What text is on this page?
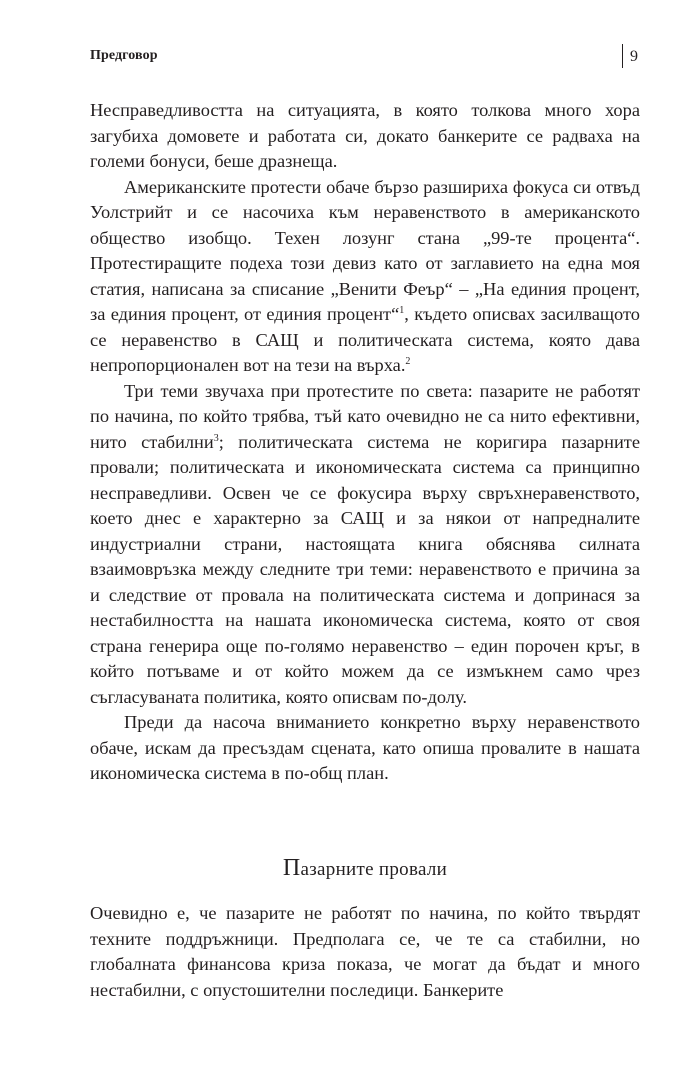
Предговор	9

Несправедливостта на ситуацията, в която толкова много хора загубиха домовете и работата си, докато банкерите се радваха на големи бонуси, беше дразнеща.

Американските протести обаче бързо разшириха фокуса си отвъд Уолстрийт и се насочиха към неравенството в американското общество изобщо. Техен лозунг стана „99-те процента“. Протестиращите подеха този девиз като от заглавието на една моя статия, написана за списание „Венити Феър“ – „На единия процент, за единия процент, от единия процент“$^1$, където описвах засилващото се неравенство в САЩ и политическата система, която дава непропорционален вот на тези на върха.$^2$

Три теми звучаха при протестите по света: пазарите не работят по начина, по който трябва, тъй като очевидно не са нито ефективни, нито стабилни$^3$; политическата система не коригира пазарните провали; политическата и икономическата система са принципно несправедливи. Освен че се фокусира върху свръхнеравенството, което днес е характерно за САЩ и за някои от напредналите индустриални страни, настоящата книга обяснява силната взаимовръзка между следните три теми: неравенството е причина за и следствие от провала на политическата система и допринася за нестабилността на нашата икономическа система, която от своя страна генерира още по-голямо неравенство – един порочен кръг, в който потъваме и от който можем да се измъкнем само чрез съгласуваната политика, която описвам по-долу.

Преди да насоча вниманието конкретно върху неравенството обаче, искам да пресъздам сцената, като опиша провалите в нашата икономическа система в по-общ план.

Пазарните провали

Очевидно е, че пазарите не работят по начина, по който твърдят техните поддръжници. Предполага се, че те са стабилни, но глобалната финансова криза показа, че могат да бъдат и много нестабилни, с опустошителни последици. Банкерите
